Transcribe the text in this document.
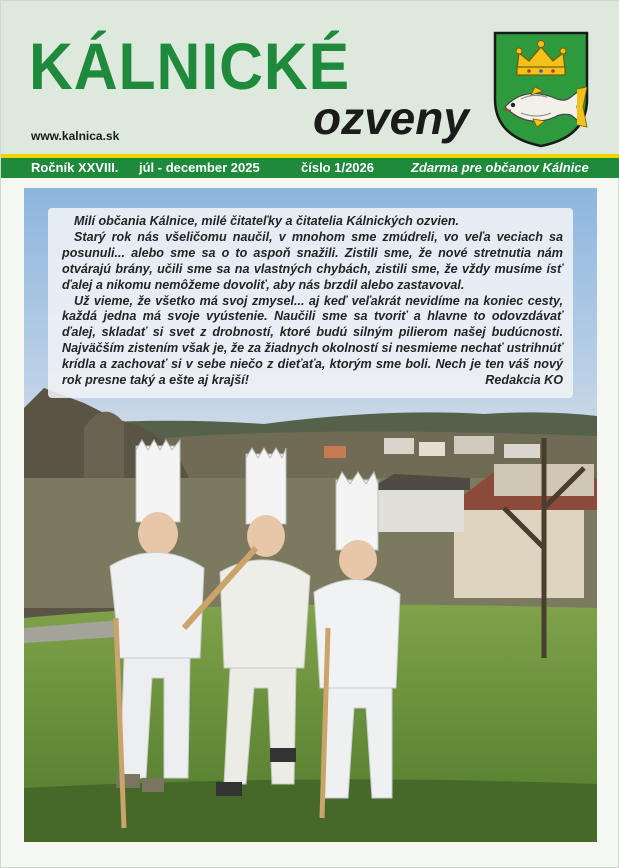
KÁLNICKÉ
ozveny
www.kalnica.sk
Ročník XXVIII. júl - december 2025	číslo 1/2026	Zdarma pre občanov Kálnice

Milí občania Kálnice, milé čitateľky a čitatelia Kálnických ozvien.

Starý rok nás všeličomu naučil, v mnohom sme zmúdreli, vo veľa veciach sa posunuli... alebo sme sa o to aspoň snažili. Zistili sme, že nové stretnutia nám otvárajú brány, učili sme sa na vlastných chybách, zistili sme, že vždy musíme ísť ďalej a nikomu nemôžeme dovoliť, aby nás brzdil alebo zastavoval.

Už vieme, že všetko má svoj zmysel... aj keď veľakrát nevidíme na koniec cesty, každá jedna má svoje vyústenie. Naučili sme sa tvoriť a hlavne to odovzdávať ďalej, skladať si svet z drobností, ktoré budú silným pilierom našej budúcnosti. Najväčším zistením však je, že za žiadnych okolností si nesmieme nechať ustrihnúť krídla a zachovať si v sebe niečo z dieťaťa, ktorým sme boli. Nech je ten váš nový rok presne taký a ešte aj krajší!	Redakcia KO
